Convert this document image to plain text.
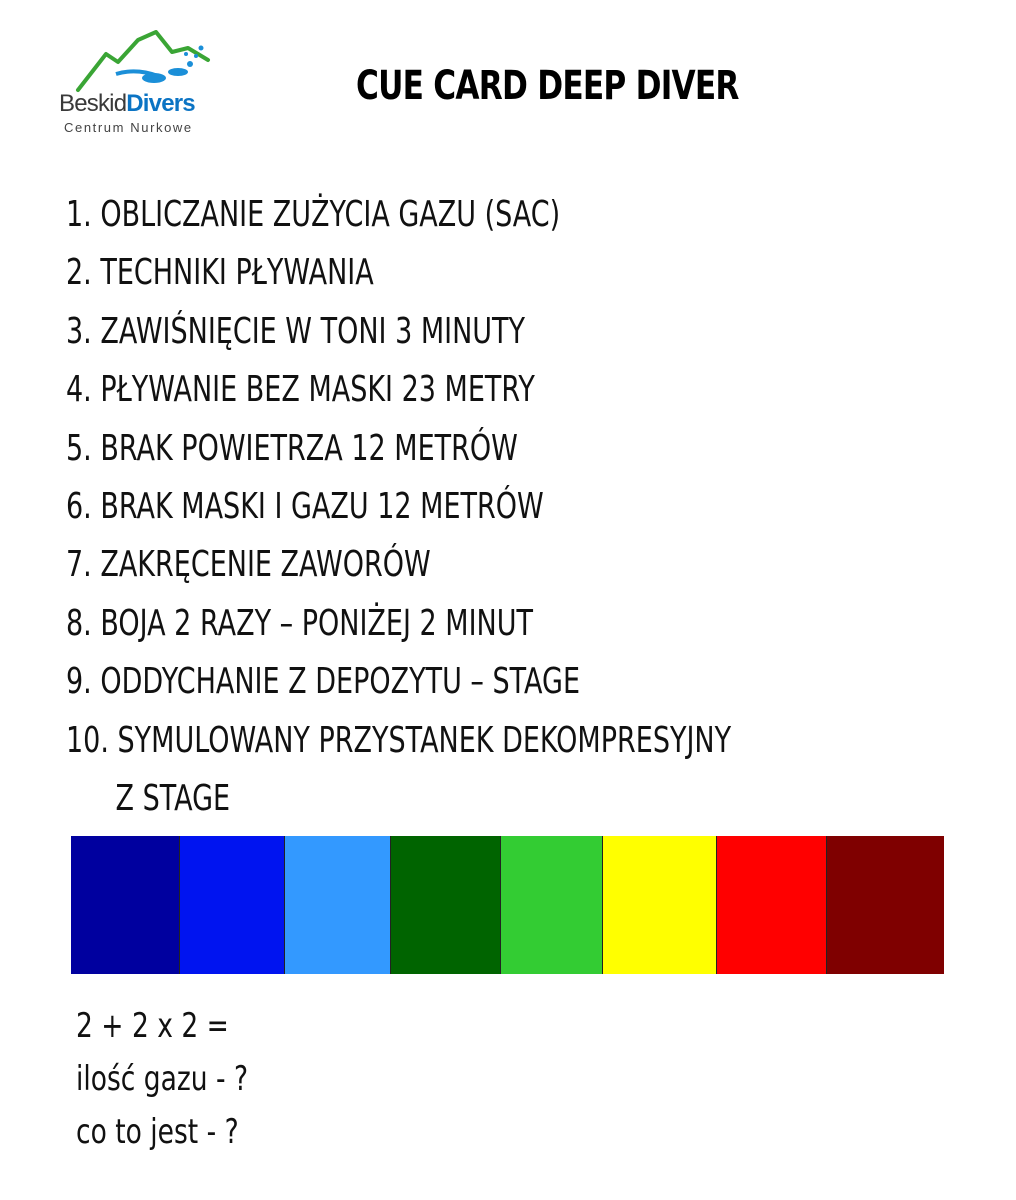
BeskidDivers
Centrum Nurkowe
CUE CARD DEEP DIVER
1. OBLICZANIE ZUŻYCIA GAZU (SAC)
2. TECHNIKI PŁYWANIA
3. ZAWIŚNIĘCIE W TONI 3 MINUTY
4. PŁYWANIE BEZ MASKI 23 METRY
5. BRAK POWIETRZA 12 METRÓW
6. BRAK MASKI I GAZU 12 METRÓW
7. ZAKRĘCENIE ZAWORÓW
8. BOJA 2 RAZY – PONIŻEJ 2 MINUT
9. ODDYCHANIE Z DEPOZYTU – STAGE
10. SYMULOWANY PRZYSTANEK DEKOMPRESYJNY
Z STAGE
2 + 2 x 2 =
ilość gazu - ?
co to jest - ?
